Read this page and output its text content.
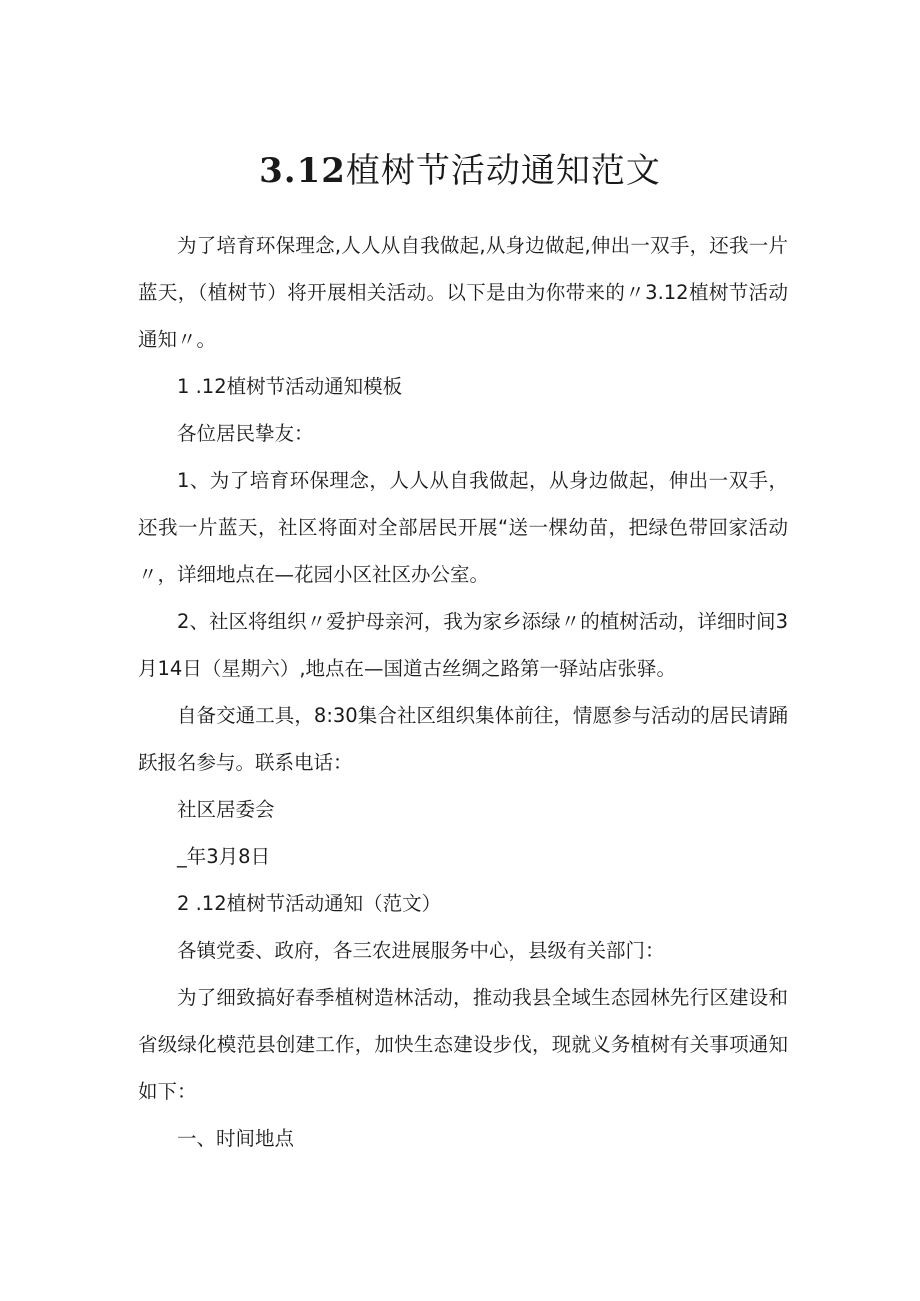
3.12植树节活动通知范文

为了培育环保理念,人人从自我做起,从身边做起,伸出一双手，还我一片蓝天，（植树节）将开展相关活动。以下是由为你带来的〃3.12植树节活动通知〃。

1 .12植树节活动通知模板

各位居民挚友：

1、为了培育环保理念，人人从自我做起，从身边做起，伸出一双手，还我一片蓝天，社区将面对全部居民开展“送一棵幼苗，把绿色带回家活动〃，详细地点在—花园小区社区办公室。

2、社区将组织〃爱护母亲河，我为家乡添绿〃的植树活动，详细时间3月14日（星期六）,地点在—国道古丝绸之路第一驿站店张驿。

自备交通工具，8:30集合社区组织集体前往，情愿参与活动的居民请踊跃报名参与。联系电话：

社区居委会

_年3月8日

2 .12植树节活动通知（范文）

各镇党委、政府，各三农进展服务中心，县级有关部门：

为了细致搞好春季植树造林活动，推动我县全域生态园林先行区建设和省级绿化模范县创建工作，加快生态建设步伐，现就义务植树有关事项通知如下：

一、时间地点
